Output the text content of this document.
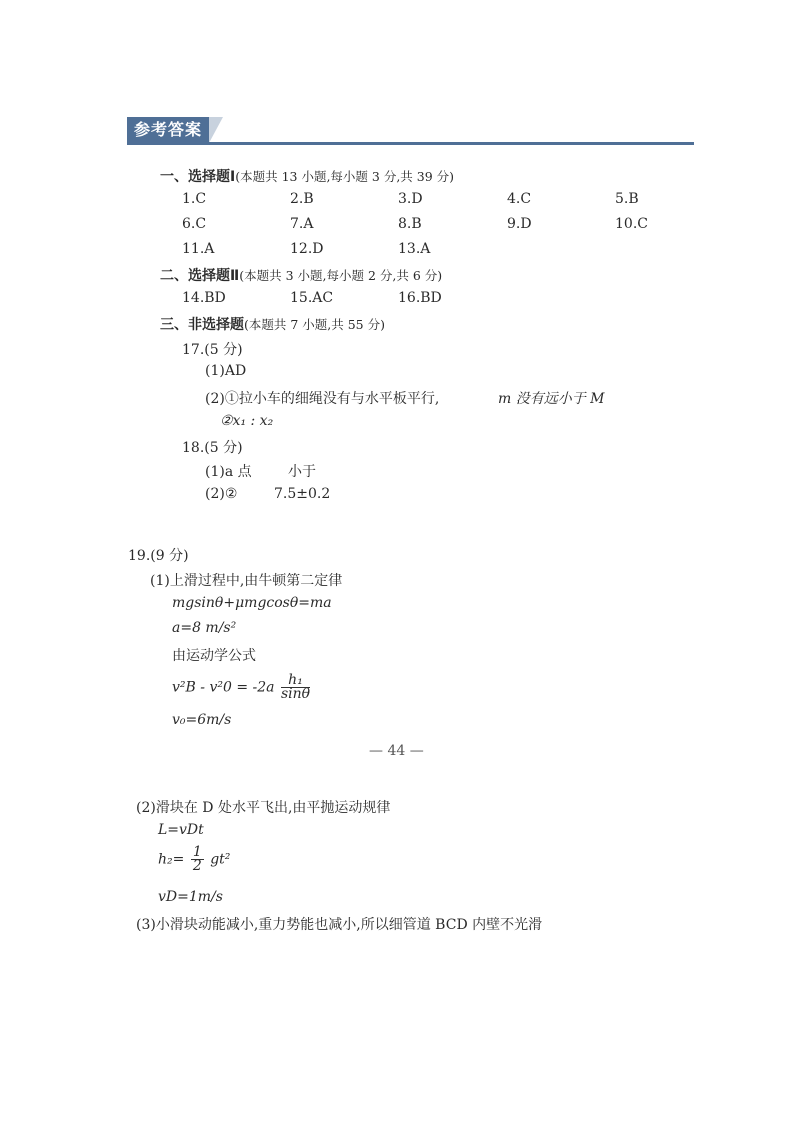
参考答案
一、选择题Ⅰ(本题共 13 小题,每小题 3 分,共 39 分)
1.C	2.B	3.D	4.C	5.B
6.C	7.A	8.B	9.D	10.C
11.A	12.D	13.A
二、选择题Ⅱ(本题共 3 小题,每小题 2 分,共 6 分)
14.BD	15.AC	16.BD
三、非选择题(本题共 7 小题,共 55 分)
17.(5 分)
(1)AD
(2)①拉小车的细绳没有与水平板平行,	m 没有远小于 M
②x₁ : x₂
18.(5 分)
(1)a 点	小于
(2)②	7.5±0.2
19.(9 分)
(1)上滑过程中,由牛顿第二定律
mgsinθ+μmgcosθ=ma
a=8 m/s²
由运动学公式
$v^2B - v^20 = -2a \frac{\text{h₁}}{\sin\theta}$
v₀=6m/s
— 44 —
(2)滑块在 D 处水平飞出,由平抛运动规律
L=vDt
$h_2= \frac{1}{2} gt^2$
vD=1m/s
(3)小滑块动能减小,重力势能也减小,所以细管道 BCD 内壁不光滑
